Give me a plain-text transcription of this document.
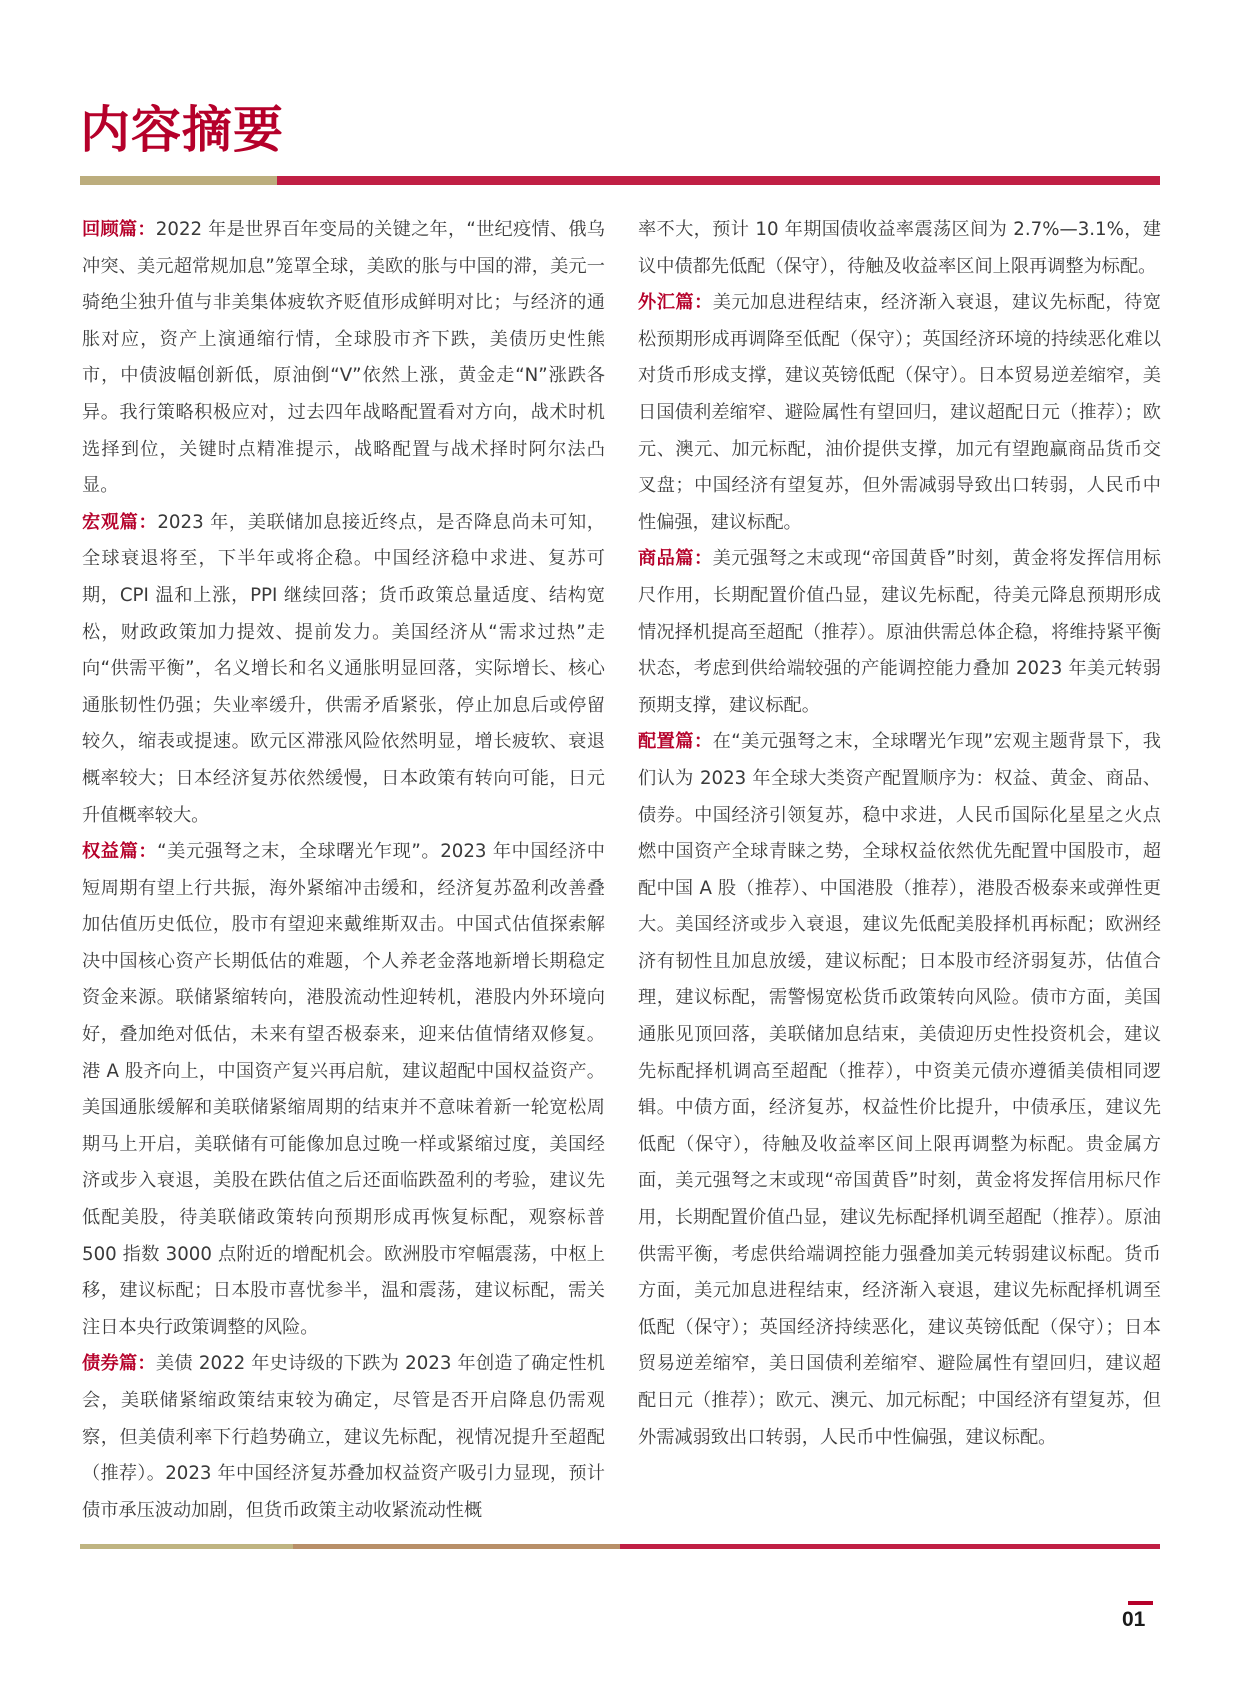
内容摘要

回顾篇：2022 年是世界百年变局的关键之年，“世纪疫情、俄乌冲突、美元超常规加息”笼罩全球，美欧的胀与中国的滞，美元一骑绝尘独升值与非美集体疲软齐贬值形成鲜明对比；与经济的通胀对应，资产上演通缩行情，全球股市齐下跌，美债历史性熊市，中债波幅创新低，原油倒“V”依然上涨，黄金走“N”涨跌各异。我行策略积极应对，过去四年战略配置看对方向，战术时机选择到位，关键时点精准提示，战略配置与战术择时阿尔法凸显。

宏观篇：2023 年，美联储加息接近终点，是否降息尚未可知，全球衰退将至，下半年或将企稳。中国经济稳中求进、复苏可期，CPI 温和上涨，PPI 继续回落；货币政策总量适度、结构宽松，财政政策加力提效、提前发力。美国经济从“需求过热”走向“供需平衡”，名义增长和名义通胀明显回落，实际增长、核心通胀韧性仍强；失业率缓升，供需矛盾紧张，停止加息后或停留较久，缩表或提速。欧元区滞涨风险依然明显，增长疲软、衰退概率较大；日本经济复苏依然缓慢，日本政策有转向可能，日元升值概率较大。

权益篇：“美元强弩之末，全球曙光乍现”。2023 年中国经济中短周期有望上行共振，海外紧缩冲击缓和，经济复苏盈利改善叠加估值历史低位，股市有望迎来戴维斯双击。中国式估值探索解决中国核心资产长期低估的难题，个人养老金落地新增长期稳定资金来源。联储紧缩转向，港股流动性迎转机，港股内外环境向好，叠加绝对低估，未来有望否极泰来，迎来估值情绪双修复。港 A 股齐向上，中国资产复兴再启航，建议超配中国权益资产。美国通胀缓解和美联储紧缩周期的结束并不意味着新一轮宽松周期马上开启，美联储有可能像加息过晚一样或紧缩过度，美国经济或步入衰退，美股在跌估值之后还面临跌盈利的考验，建议先低配美股，待美联储政策转向预期形成再恢复标配，观察标普 500 指数 3000 点附近的增配机会。欧洲股市窄幅震荡，中枢上移，建议标配；日本股市喜忧参半，温和震荡，建议标配，需关注日本央行政策调整的风险。

债券篇：美债 2022 年史诗级的下跌为 2023 年创造了确定性机会，美联储紧缩政策结束较为确定，尽管是否开启降息仍需观察，但美债利率下行趋势确立，建议先标配，视情况提升至超配（推荐）。2023 年中国经济复苏叠加权益资产吸引力显现，预计债市承压波动加剧，但货币政策主动收紧流动性概

率不大，预计 10 年期国债收益率震荡区间为 2.7%—3.1%，建议中债都先低配（保守），待触及收益率区间上限再调整为标配。

外汇篇：美元加息进程结束，经济渐入衰退，建议先标配，待宽松预期形成再调降至低配（保守）；英国经济环境的持续恶化难以对货币形成支撑，建议英镑低配（保守）。日本贸易逆差缩窄，美日国债利差缩窄、避险属性有望回归，建议超配日元（推荐）；欧元、澳元、加元标配，油价提供支撑，加元有望跑赢商品货币交叉盘；中国经济有望复苏，但外需减弱导致出口转弱，人民币中性偏强，建议标配。

商品篇：美元强弩之末或现“帝国黄昏”时刻，黄金将发挥信用标尺作用，长期配置价值凸显，建议先标配，待美元降息预期形成情况择机提高至超配（推荐）。原油供需总体企稳，将维持紧平衡状态，考虑到供给端较强的产能调控能力叠加 2023 年美元转弱预期支撑，建议标配。

配置篇：在“美元强弩之末，全球曙光乍现”宏观主题背景下，我们认为 2023 年全球大类资产配置顺序为：权益、黄金、商品、债券。中国经济引领复苏，稳中求进，人民币国际化星星之火点燃中国资产全球青睐之势，全球权益依然优先配置中国股市，超配中国 A 股（推荐）、中国港股（推荐），港股否极泰来或弹性更大。美国经济或步入衰退，建议先低配美股择机再标配；欧洲经济有韧性且加息放缓，建议标配；日本股市经济弱复苏，估值合理，建议标配，需警惕宽松货币政策转向风险。债市方面，美国通胀见顶回落，美联储加息结束，美债迎历史性投资机会，建议先标配择机调高至超配（推荐），中资美元债亦遵循美债相同逻辑。中债方面，经济复苏，权益性价比提升，中债承压，建议先低配（保守），待触及收益率区间上限再调整为标配。贵金属方面，美元强弩之末或现“帝国黄昏”时刻，黄金将发挥信用标尺作用，长期配置价值凸显，建议先标配择机调至超配（推荐）。原油供需平衡，考虑供给端调控能力强叠加美元转弱建议标配。货币方面，美元加息进程结束，经济渐入衰退，建议先标配择机调至低配（保守）；英国经济持续恶化，建议英镑低配（保守）；日本贸易逆差缩窄，美日国债利差缩窄、避险属性有望回归，建议超配日元（推荐）；欧元、澳元、加元标配；中国经济有望复苏，但外需减弱致出口转弱，人民币中性偏强，建议标配。

01
